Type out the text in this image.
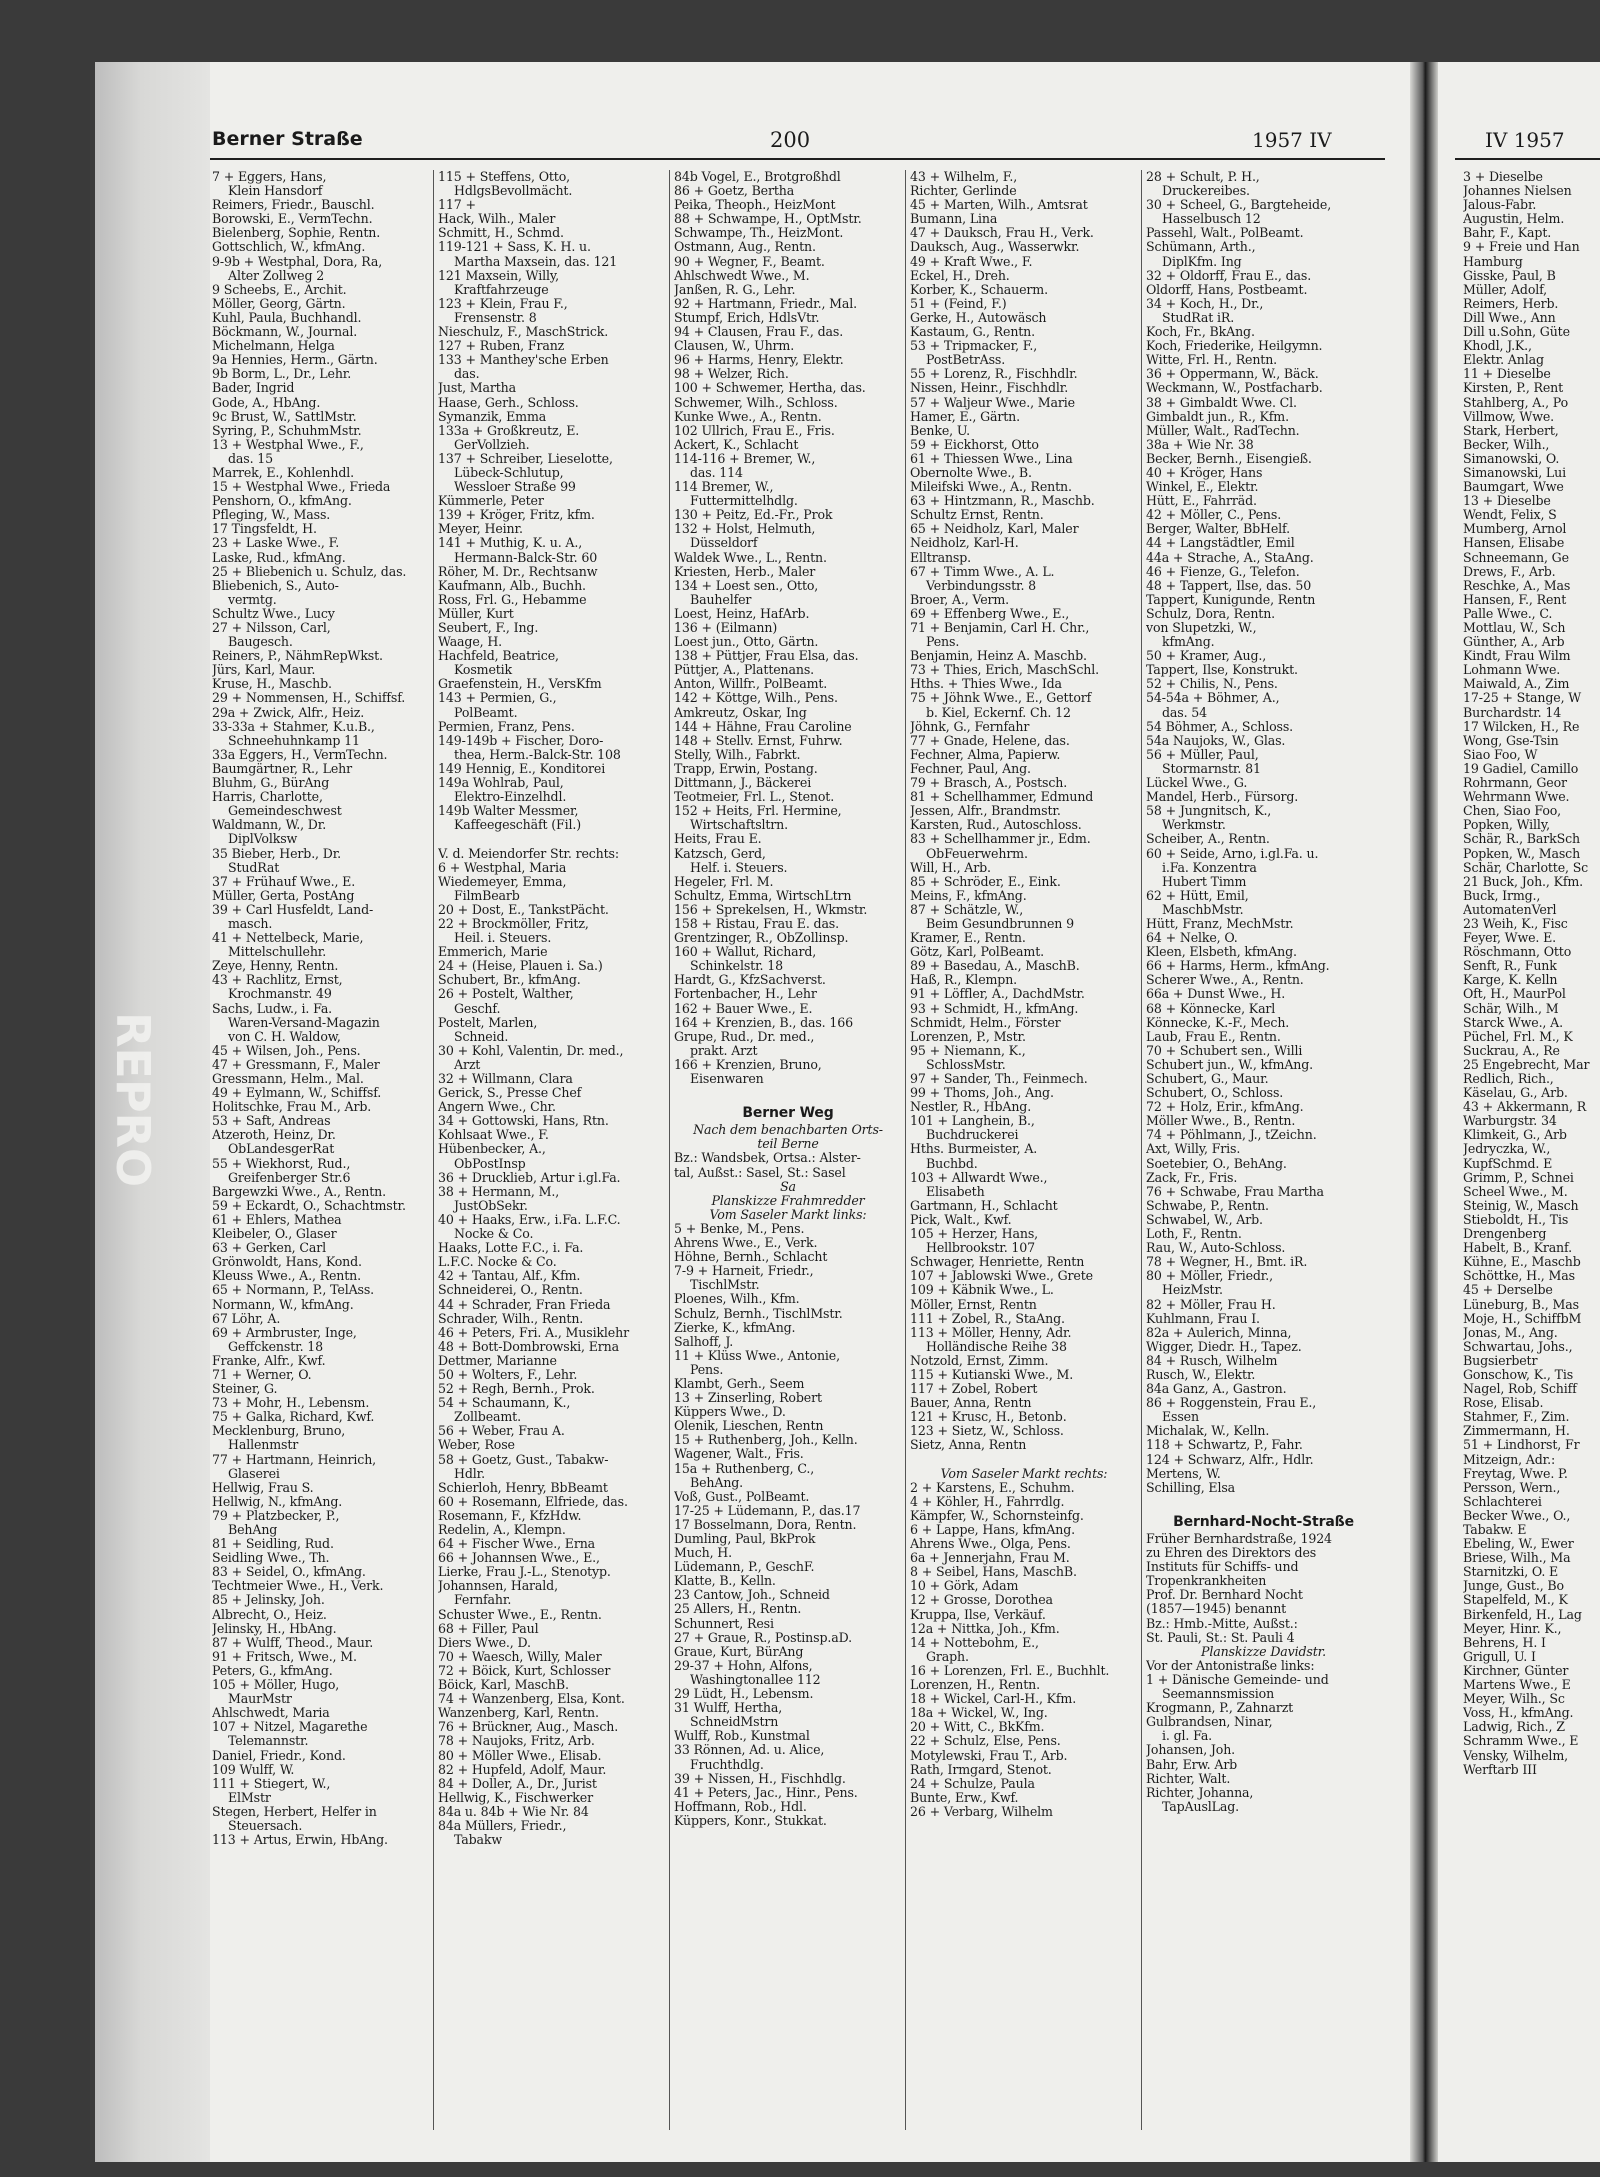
REPRO
Berner Straße	200	1957 IV	IV 1957
7 + Eggers, Hans,
Klein Hansdorf
Reimers, Friedr., Bauschl.
Borowski, E., VermTechn.
Bielenberg, Sophie, Rentn.
Gottschlich, W., kfmAng.
9-9b + Westphal, Dora, Ra,
Alter Zollweg 2
9 Scheebs, E., Archit.
Möller, Georg, Gärtn.
Kuhl, Paula, Buchhandl.
Böckmann, W., Journal.
Michelmann, Helga
9a Hennies, Herm., Gärtn.
9b Borm, L., Dr., Lehr.
Bader, Ingrid
Gode, A., HbAng.
9c Brust, W., SattlMstr.
Syring, P., SchuhmMstr.
13 + Westphal Wwe., F.,
das. 15
Marrek, E., Kohlenhdl.
15 + Westphal Wwe., Frieda
Penshorn, O., kfmAng.
Pfleging, W., Mass.
17 Tingsfeldt, H.
23 + Laske Wwe., F.
Laske, Rud., kfmAng.
25 + Bliebenich u. Schulz, das.
Bliebenich, S., Auto-
vermtg.
Schultz Wwe., Lucy
27 + Nilsson, Carl,
Baugesch.
Reiners, P., NähmRepWkst.
Jürs, Karl, Maur.
Kruse, H., Maschb.
29 + Nommensen, H., Schiffsf.
29a + Zwick, Alfr., Heiz.
33-33a + Stahmer, K.u.B.,
Schneehuhnkamp 11
33a Eggers, H., VermTechn.
Baumgärtner, R., Lehr
Bluhm, G., BürAng
Harris, Charlotte,
Gemeindeschwest
Waldmann, W., Dr.
DiplVolksw
35 Bieber, Herb., Dr.
StudRat
37 + Frühauf Wwe., E.
Müller, Gerta, PostAng
39 + Carl Husfeldt, Land-
masch.
41 + Nettelbeck, Marie,
Mittelschullehr.
Zeye, Henny, Rentn.
43 + Rachlitz, Ernst,
Krochmanstr. 49
Sachs, Ludw., i. Fa.
Waren-Versand-Magazin
von C. H. Waldow,
45 + Wilsen, Joh., Pens.
47 + Gressmann, F., Maler
Gressmann, Helm., Mal.
49 + Eylmann, W., Schiffsf.
Holitschke, Frau M., Arb.
53 + Saft, Andreas
Atzeroth, Heinz, Dr.
ObLandesgerRat
55 + Wiekhorst, Rud.,
Greifenberger Str.6
Bargewzki Wwe., A., Rentn.
59 + Eckardt, O., Schachtmstr.
61 + Ehlers, Mathea
Kleibeler, O., Glaser
63 + Gerken, Carl
Grönwoldt, Hans, Kond.
Kleuss Wwe., A., Rentn.
65 + Normann, P., TelAss.
Normann, W., kfmAng.
67 Löhr, A.
69 + Armbruster, Inge,
Geffckenstr. 18
Franke, Alfr., Kwf.
71 + Werner, O.
Steiner, G.
73 + Mohr, H., Lebensm.
75 + Galka, Richard, Kwf.
Mecklenburg, Bruno,
Hallenmstr
77 + Hartmann, Heinrich,
Glaserei
Hellwig, Frau S.
Hellwig, N., kfmAng.
79 + Platzbecker, P.,
BehAng
81 + Seidling, Rud.
Seidling Wwe., Th.
83 + Seidel, O., kfmAng.
Techtmeier Wwe., H., Verk.
85 + Jelinsky, Joh.
Albrecht, O., Heiz.
Jelinsky, H., HbAng.
87 + Wulff, Theod., Maur.
91 + Fritsch, Wwe., M.
Peters, G., kfmAng.
105 + Möller, Hugo,
MaurMstr
Ahlschwedt, Maria
107 + Nitzel, Magarethe
Telemannstr.
Daniel, Friedr., Kond.
109 Wulff, W.
111 + Stiegert, W.,
ElMstr
Stegen, Herbert, Helfer in
Steuersach.
113 + Artus, Erwin, HbAng.
115 + Steffens, Otto,
HdlgsBevollmächt.
117 +
Hack, Wilh., Maler
Schmitt, H., Schmd.
119-121 + Sass, K. H. u.
Martha Maxsein, das. 121
121 Maxsein, Willy,
Kraftfahrzeuge
123 + Klein, Frau F.,
Frensenstr. 8
Nieschulz, F., MaschStrick.
127 + Ruben, Franz
133 + Manthey'sche Erben
das.
Just, Martha
Haase, Gerh., Schloss.
Symanzik, Emma
133a + Großkreutz, E.
GerVollzieh.
137 + Schreiber, Lieselotte,
Lübeck-Schlutup,
Wessloer Straße 99
Kümmerle, Peter
139 + Kröger, Fritz, kfm.
Meyer, Heinr.
141 + Muthig, K. u. A.,
Hermann-Balck-Str. 60
Röher, M. Dr., Rechtsanw
Kaufmann, Alb., Buchh.
Ross, Frl. G., Hebamme
Müller, Kurt
Seubert, F., Ing.
Waage, H.
Hachfeld, Beatrice,
Kosmetik
Graefenstein, H., VersKfm
143 + Permien, G.,
PolBeamt.
Permien, Franz, Pens.
149-149b + Fischer, Doro-
thea, Herm.-Balck-Str. 108
149 Hennig, E., Konditorei
149a Wohlrab, Paul,
Elektro-Einzelhdl.
149b Walter Messmer,
Kaffeegeschäft (Fil.)

V. d. Meiendorfer Str. rechts:
6 + Westphal, Maria
Wiedemeyer, Emma,
FilmBearb
20 + Dost, E., TankstPächt.
22 + Brockmöller, Fritz,
Heil. i. Steuers.
Emmerich, Marie
24 + (Heise, Plauen i. Sa.)
Schubert, Br., kfmAng.
26 + Postelt, Walther,
Geschf.
Postelt, Marlen,
Schneid.
30 + Kohl, Valentin, Dr. med.,
Arzt
32 + Willmann, Clara
Gerick, S., Presse Chef
Angern Wwe., Chr.
34 + Gottowski, Hans, Rtn.
Kohlsaat Wwe., F.
Hübenbecker, A.,
ObPostInsp
36 + Drucklieb, Artur i.gl.Fa.
38 + Hermann, M.,
JustObSekr.
40 + Haaks, Erw., i.Fa. L.F.C.
Nocke & Co.
Haaks, Lotte F.C., i. Fa.
L.F.C. Nocke & Co.
42 + Tantau, Alf., Kfm.
Schneiderei, O., Rentn.
44 + Schrader, Fran Frieda
Schrader, Wilh., Rentn.
46 + Peters, Fri. A., Musiklehr
48 + Bott-Dombrowski, Erna
Dettmer, Marianne
50 + Wolters, F., Lehr.
52 + Regh, Bernh., Prok.
54 + Schaumann, K.,
Zollbeamt.
56 + Weber, Frau A.
Weber, Rose
58 + Goetz, Gust., Tabakw-
Hdlr.
Schierloh, Henry, BbBeamt
60 + Rosemann, Elfriede, das.
Rosemann, F., KfzHdw.
Redelin, A., Klempn.
64 + Fischer Wwe., Erna
66 + Johannsen Wwe., E.,
Lierke, Frau J.-L., Stenotyp.
Johannsen, Harald,
Fernfahr.
Schuster Wwe., E., Rentn.
68 + Filler, Paul
Diers Wwe., D.
70 + Waesch, Willy, Maler
72 + Böick, Kurt, Schlosser
Böick, Karl, MaschB.
74 + Wanzenberg, Elsa, Kont.
Wanzenberg, Karl, Rentn.
76 + Brückner, Aug., Masch.
78 + Naujoks, Fritz, Arb.
80 + Möller Wwe., Elisab.
82 + Hupfeld, Adolf, Maur.
84 + Doller, A., Dr., Jurist
Hellwig, K., Fischwerker
84a u. 84b + Wie Nr. 84
84a Müllers, Friedr.,
Tabakw
84b Vogel, E., Brotgroßhdl
86 + Goetz, Bertha
Peika, Theoph., HeizMont
88 + Schwampe, H., OptMstr.
Schwampe, Th., HeizMont.
Ostmann, Aug., Rentn.
90 + Wegner, F., Beamt.
Ahlschwedt Wwe., M.
Janßen, R. G., Lehr.
92 + Hartmann, Friedr., Mal.
Stumpf, Erich, HdlsVtr.
94 + Clausen, Frau F., das.
Clausen, W., Uhrm.
96 + Harms, Henry, Elektr.
98 + Welzer, Rich.
100 + Schwemer, Hertha, das.
Schwemer, Wilh., Schloss.
Kunke Wwe., A., Rentn.
102 Ullrich, Frau E., Fris.
Ackert, K., Schlacht
114-116 + Bremer, W.,
das. 114
114 Bremer, W.,
Futtermittelhdlg.
130 + Peitz, Ed.-Fr., Prok
132 + Holst, Helmuth,
Düsseldorf
Waldek Wwe., L., Rentn.
Kriesten, Herb., Maler
134 + Loest sen., Otto,
Bauhelfer
Loest, Heinz, HafArb.
136 + (Eilmann)
Loest jun., Otto, Gärtn.
138 + Püttjer, Frau Elsa, das.
Püttjer, A., Plattenans.
Anton, Willfr., PolBeamt.
142 + Köttge, Wilh., Pens.
Amkreutz, Oskar, Ing
144 + Hähne, Frau Caroline
148 + Stellv. Ernst, Fuhrw.
Stelly, Wilh., Fabrkt.
Trapp, Erwin, Postang.
Dittmann, J., Bäckerei
Teotmeier, Frl. L., Stenot.
152 + Heits, Frl. Hermine,
Wirtschaftsltrn.
Heits, Frau E.
Katzsch, Gerd,
Helf. i. Steuers.
Hegeler, Frl. M.
Schultz, Emma, WirtschLtrn
156 + Sprekelsen, H., Wkmstr.
158 + Ristau, Frau E. das.
Grentzinger, R., ObZollinsp.
160 + Wallut, Richard,
Schinkelstr. 18
Hardt, G., KfzSachverst.
Fortenbacher, H., Lehr
162 + Bauer Wwe., E.
164 + Krenzien, B., das. 166
Grupe, Rud., Dr. med.,
prakt. Arzt
166 + Krenzien, Bruno,
Eisenwaren

Berner Weg
Nach dem benachbarten Orts-
teil Berne
Bz.: Wandsbek, Ortsa.: Alster-
tal, Außst.: Sasel, St.: Sasel
Sa
Planskizze Frahmredder
Vom Saseler Markt links:
5 + Benke, M., Pens.
Ahrens Wwe., E., Verk.
Höhne, Bernh., Schlacht
7-9 + Harneit, Friedr.,
TischlMstr.
Ploenes, Wilh., Kfm.
Schulz, Bernh., TischlMstr.
Zierke, K., kfmAng.
Salhoff, J.
11 + Klüss Wwe., Antonie,
Pens.
Klambt, Gerh., Seem
13 + Zinserling, Robert
Küppers Wwe., D.
Olenik, Lieschen, Rentn
15 + Ruthenberg, Joh., Kelln.
Wagener, Walt., Fris.
15a + Ruthenberg, C.,
BehAng.
Voß, Gust., PolBeamt.
17-25 + Lüdemann, P., das.17
17 Bosselmann, Dora, Rentn.
Dumling, Paul, BkProk
Much, H.
Lüdemann, P., GeschF.
Klatte, B., Kelln.
23 Cantow, Joh., Schneid
25 Allers, H., Rentn.
Schunnert, Resi
27 + Graue, R., Postinsp.aD.
Graue, Kurt, BürAng
29-37 + Hohn, Alfons,
Washingtonallee 112
29 Lüdt, H., Lebensm.
31 Wulff, Hertha,
SchneidMstrn
Wulff, Rob., Kunstmal
33 Rönnen, Ad. u. Alice,
Fruchthdlg.
39 + Nissen, H., Fischhdlg.
41 + Peters, Jac., Hinr., Pens.
Hoffmann, Rob., Hdl.
Küppers, Konr., Stukkat.
43 + Wilhelm, F.,
Richter, Gerlinde
45 + Marten, Wilh., Amtsrat
Bumann, Lina
47 + Dauksch, Frau H., Verk.
Dauksch, Aug., Wasserwkr.
49 + Kraft Wwe., F.
Eckel, H., Dreh.
Korber, K., Schauerm.
51 + (Feind, F.)
Gerke, H., Autowäsch
Kastaum, G., Rentn.
53 + Tripmacker, F.,
PostBetrAss.
55 + Lorenz, R., Fischhdlr.
Nissen, Heinr., Fischhdlr.
57 + Waljeur Wwe., Marie
Hamer, E., Gärtn.
Benke, U.
59 + Eickhorst, Otto
61 + Thiessen Wwe., Lina
Obernolte Wwe., B.
Mileifski Wwe., A., Rentn.
63 + Hintzmann, R., Maschb.
Schultz Ernst, Rentn.
65 + Neidholz, Karl, Maler
Neidholz, Karl-H.
Elltransp.
67 + Timm Wwe., A. L.
Verbindungsstr. 8
Broer, A., Verm.
69 + Effenberg Wwe., E.,
71 + Benjamin, Carl H. Chr.,
Pens.
Benjamin, Heinz A. Maschb.
73 + Thies, Erich, MaschSchl.
Hths. + Thies Wwe., Ida
75 + Jöhnk Wwe., E., Gettorf
b. Kiel, Eckernf. Ch. 12
Jöhnk, G., Fernfahr
77 + Gnade, Helene, das.
Fechner, Alma, Papierw.
Fechner, Paul, Ang.
79 + Brasch, A., Postsch.
81 + Schellhammer, Edmund
Jessen, Alfr., Brandmstr.
Karsten, Rud., Autoschloss.
83 + Schellhammer jr., Edm.
ObFeuerwehrm.
Will, H., Arb.
85 + Schröder, E., Eink.
Meins, F., kfmAng.
87 + Schätzle, W.,
Beim Gesundbrunnen 9
Kramer, E., Rentn.
Götz, Karl, PolBeamt.
89 + Basedau, A., MaschB.
Haß, R., Klempn.
91 + Löffler, A., DachdMstr.
93 + Schmidt, H., kfmAng.
Schmidt, Helm., Förster
Lorenzen, P., Mstr.
95 + Niemann, K.,
SchlossMstr.
97 + Sander, Th., Feinmech.
99 + Thoms, Joh., Ang.
Nestler, R., HbAng.
101 + Langhein, B.,
Buchdruckerei
Hths. Burmeister, A.
Buchbd.
103 + Allwardt Wwe.,
Elisabeth
Gartmann, H., Schlacht
Pick, Walt., Kwf.
105 + Herzer, Hans,
Hellbrookstr. 107
Schwager, Henriette, Rentn
107 + Jablowski Wwe., Grete
109 + Käbnik Wwe., L.
Möller, Ernst, Rentn
111 + Zobel, R., StaAng.
113 + Möller, Henny, Adr.
Holländische Reihe 38
Notzold, Ernst, Zimm.
115 + Kutianski Wwe., M.
117 + Zobel, Robert
Bauer, Anna, Rentn
121 + Krusc, H., Betonb.
123 + Sietz, W., Schloss.
Sietz, Anna, Rentn

Vom Saseler Markt rechts:
2 + Karstens, E., Schuhm.
4 + Köhler, H., Fahrrdlg.
Kämpfer, W., Schornsteinfg.
6 + Lappe, Hans, kfmAng.
Ahrens Wwe., Olga, Pens.
6a + Jennerjahn, Frau M.
8 + Seibel, Hans, MaschB.
10 + Görk, Adam
12 + Grosse, Dorothea
Kruppa, Ilse, Verkäuf.
12a + Nittka, Joh., Kfm.
14 + Nottebohm, E.,
Graph.
16 + Lorenzen, Frl. E., Buchhlt.
Lorenzen, H., Rentn.
18 + Wickel, Carl-H., Kfm.
18a + Wickel, W., Ing.
20 + Witt, C., BkKfm.
22 + Schulz, Else, Pens.
Motylewski, Frau T., Arb.
Rath, Irmgard, Stenot.
24 + Schulze, Paula
Bunte, Erw., Kwf.
26 + Verbarg, Wilhelm
28 + Schult, P. H.,
Druckereibes.
30 + Scheel, G., Bargteheide,
Hasselbusch 12
Passehl, Walt., PolBeamt.
Schümann, Arth.,
DiplKfm. Ing
32 + Oldorff, Frau E., das.
Oldorff, Hans, Postbeamt.
34 + Koch, H., Dr.,
StudRat iR.
Koch, Fr., BkAng.
Koch, Friederike, Heilgymn.
Witte, Frl. H., Rentn.
36 + Oppermann, W., Bäck.
Weckmann, W., Postfacharb.
38 + Gimbaldt Wwe. Cl.
Gimbaldt jun., R., Kfm.
Müller, Walt., RadTechn.
38a + Wie Nr. 38
Becker, Bernh., Eisengieß.
40 + Kröger, Hans
Winkel, E., Elektr.
Hütt, E., Fahrräd.
42 + Möller, C., Pens.
Berger, Walter, BbHelf.
44 + Langstädtler, Emil
44a + Strache, A., StaAng.
46 + Fienze, G., Telefon.
48 + Tappert, Ilse, das. 50
Tappert, Kunigunde, Rentn
Schulz, Dora, Rentn.
von Slupetzki, W.,
kfmAng.
50 + Kramer, Aug.,
Tappert, Ilse, Konstrukt.
52 + Chilis, N., Pens.
54-54a + Böhmer, A.,
das. 54
54 Böhmer, A., Schloss.
54a Naujoks, W., Glas.
56 + Müller, Paul,
Stormarnstr. 81
Lückel Wwe., G.
Mandel, Herb., Fürsorg.
58 + Jungnitsch, K.,
Werkmstr.
Scheiber, A., Rentn.
60 + Seide, Arno, i.gl.Fa. u.
i.Fa. Konzentra
Hubert Timm
62 + Hütt, Emil,
MaschbMstr.
Hütt, Franz, MechMstr.
64 + Nelke, O.
Kleen, Elsbeth, kfmAng.
66 + Harms, Herm., kfmAng.
Scherer Wwe., A., Rentn.
66a + Dunst Wwe., H.
68 + Könnecke, Karl
Könnecke, K.-F., Mech.
Laub, Frau E., Rentn.
70 + Schubert sen., Willi
Schubert jun., W., kfmAng.
Schubert, G., Maur.
Schubert, O., Schloss.
72 + Holz, Erir., kfmAng.
Möller Wwe., B., Rentn.
74 + Pöhlmann, J., tZeichn.
Axt, Willy, Fris.
Soetebier, O., BehAng.
Zack, Fr., Fris.
76 + Schwabe, Frau Martha
Schwabe, P., Rentn.
Schwabel, W., Arb.
Loth, F., Rentn.
Rau, W., Auto-Schloss.
78 + Wegner, H., Bmt. iR.
80 + Möller, Friedr.,
HeizMstr.
82 + Möller, Frau H.
Kuhlmann, Frau I.
82a + Aulerich, Minna,
Wigger, Diedr. H., Tapez.
84 + Rusch, Wilhelm
Rusch, W., Elektr.
84a Ganz, A., Gastron.
86 + Roggenstein, Frau E.,
Essen
Michalak, W., Kelln.
118 + Schwartz, P., Fahr.
124 + Schwarz, Alfr., Hdlr.
Mertens, W.
Schilling, Elsa

Bernhard-Nocht-Straße
Früher Bernhardstraße, 1924
zu Ehren des Direktors des
Instituts für Schiffs- und
Tropenkrankheiten
Prof. Dr. Bernhard Nocht
(1857—1945) benannt
Bz.: Hmb.-Mitte, Außst.:
St. Pauli, St.: St. Pauli 4
Planskizze Davidstr.
Vor der Antonistraße links:
1 + Dänische Gemeinde- und
Seemannsmission
Krogmann, P., Zahnarzt
Gulbrandsen, Ninar,
i. gl. Fa.
Johansen, Joh.
Bahr, Erw. Arb
Richter, Walt.
Richter, Johanna,
TapAuslLag.
3 + Dieselbe
Johannes Nielsen
Jalous-Fabr.
Augustin, Helm.
Bahr, F., Kapt.
9 + Freie und Han
Hamburg
Gisske, Paul, B
Müller, Adolf,
Reimers, Herb.
Dill Wwe., Ann
Dill u.Sohn, Güte
Khodl, J.K.,
Elektr. Anlag
11 + Dieselbe
Kirsten, P., Rent
Stahlberg, A., Po
Villmow, Wwe.
Stark, Herbert,
Becker, Wilh.,
Simanowski, O.
Simanowski, Lui
Baumgart, Wwe
13 + Dieselbe
Wendt, Felix, S
Mumberg, Arnol
Hansen, Elisabe
Schneemann, Ge
Drews, F., Arb.
Reschke, A., Mas
Hansen, F., Rent
Palle Wwe., C.
Mottlau, W., Sch
Günther, A., Arb
Kindt, Frau Wilm
Lohmann Wwe.
Maiwald, A., Zim
17-25 + Stange, W
Burchardstr. 14
17 Wilcken, H., Re
Wong, Gse-Tsin
Siao Foo, W
19 Gadiel, Camillo
Rohrmann, Geor
Wehrmann Wwe.
Chen, Siao Foo,
Popken, Willy,
Schär, R., BarkSch
Popken, W., Masch
Schär, Charlotte, Sc
21 Buck, Joh., Kfm.
Buck, Irmg.,
AutomatenVerl
23 Weih, K., Fisc
Feyer, Wwe. E.
Röschmann, Otto
Senft, R., Funk
Karge, K. Kelln
Oft, H., MaurPol
Schär, Wilh., M
Starck Wwe., A.
Püchel, Frl. M., K
Suckrau, A., Re
25 Engebrecht, Mar
Redlich, Rich.,
Käselau, G., Arb.
43 + Akkermann, R
Warburgstr. 34
Klimkeit, G., Arb
Jedryczka, W.,
KupfSchmd. E
Grimm, P., Schnei
Scheel Wwe., M.
Steinig, W., Masch
Stieboldt, H., Tis
Drengenberg
Habelt, B., Kranf.
Kühne, E., Maschb
Schöttke, H., Mas
45 + Derselbe
Lüneburg, B., Mas
Moje, H., SchiffbM
Jonas, M., Ang.
Schwartau, Johs.,
Bugsierbetr
Gonschow, K., Tis
Nagel, Rob, Schiff
Rose, Elisab.
Stahmer, F., Zim.
Zimmermann, H.
51 + Lindhorst, Fr
Mitzeign, Adr.:
Freytag, Wwe. P.
Persson, Wern.,
Schlachterei
Becker Wwe., O.,
Tabakw. E
Ebeling, W., Ewer
Briese, Wilh., Ma
Starnitzki, O. E
Junge, Gust., Bo
Stapelfeld, M., K
Birkenfeld, H., Lag
Meyer, Hinr. K.,
Behrens, H. I
Grigull, U. I
Kirchner, Günter
Martens Wwe., E
Meyer, Wilh., Sc
Voss, H., kfmAng.
Ladwig, Rich., Z
Schramm Wwe., E
Vensky, Wilhelm,
Werftarb III
